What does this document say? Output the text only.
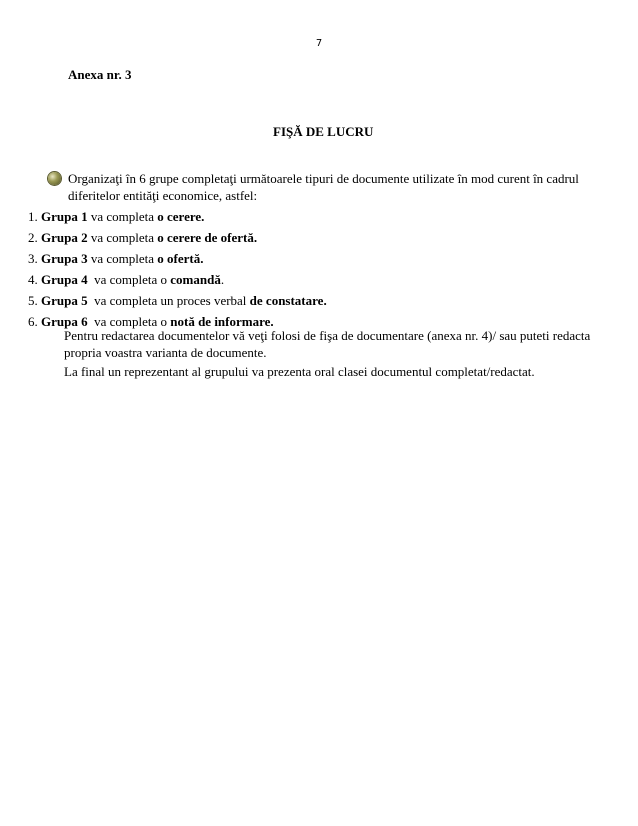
7
Anexa nr. 3
FIŞĂ DE LUCRU
Organizaţi în 6 grupe completaţi următoarele tipuri de documente utilizate în mod curent în cadrul diferitelor entităţi economice, astfel:
1. Grupa 1 va completa o cerere.
2. Grupa 2 va completa o cerere de ofertă.
3. Grupa 3 va completa o ofertă.
4. Grupa 4  va completa o comandă.
5. Grupa 5  va completa un proces verbal de constatare.
6. Grupa 6  va completa o notă de informare.
Pentru redactarea documentelor vă veţi folosi de fişa de documentare (anexa nr. 4)/ sau puteti redacta propria voastra varianta de documente.
La final un reprezentant al grupului va prezenta oral clasei documentul completat/redactat.
